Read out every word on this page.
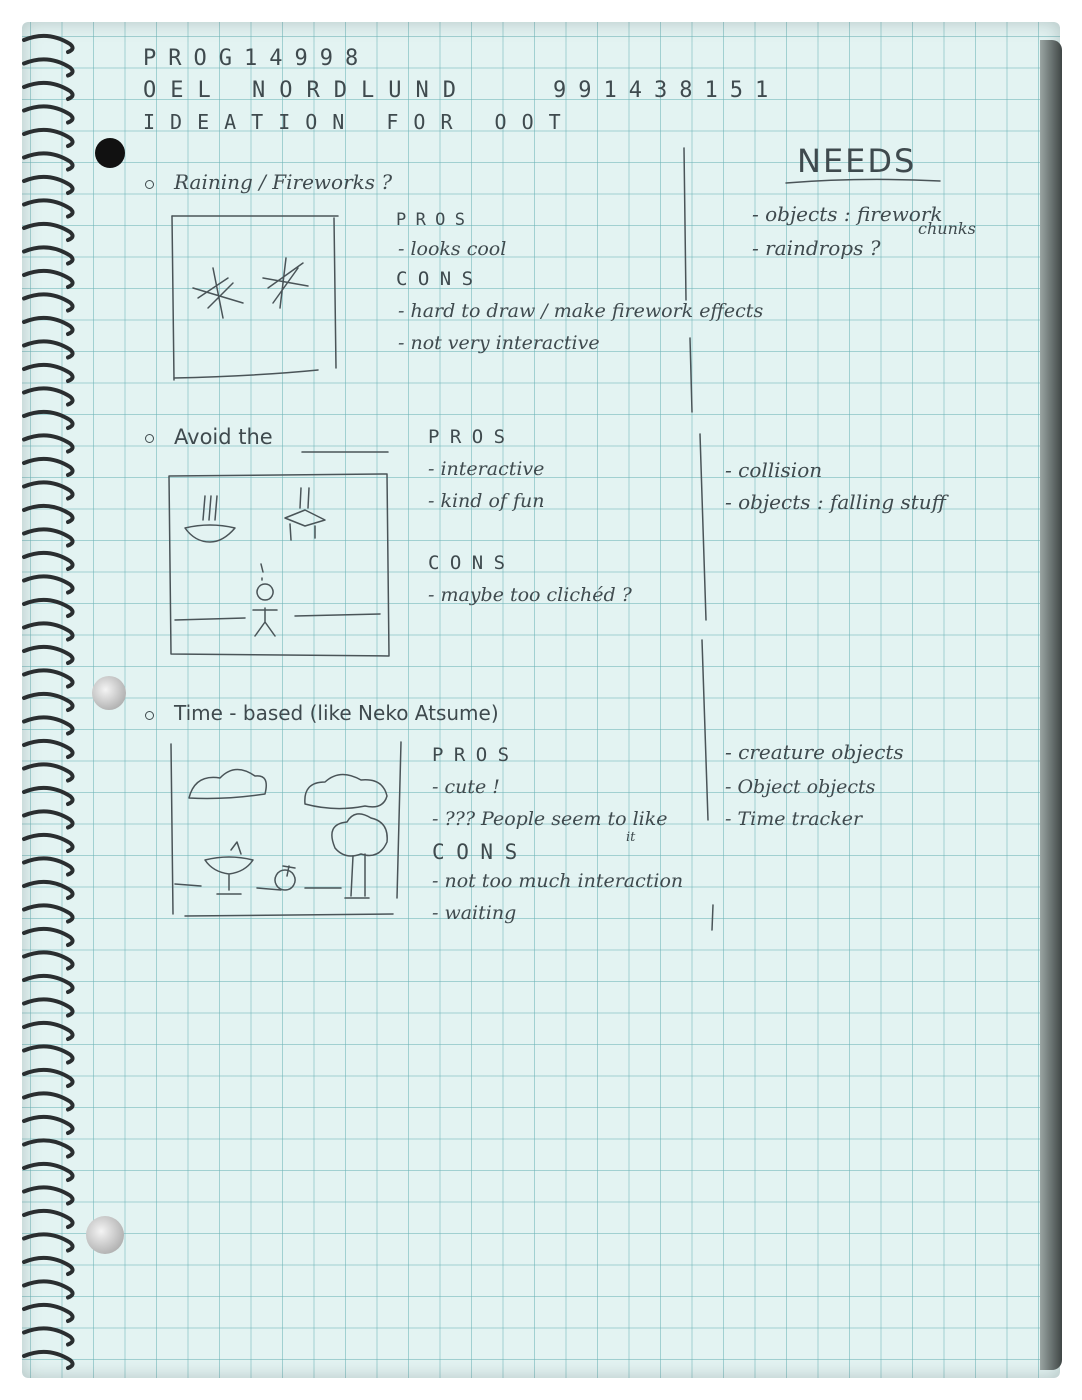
PROG14998
OEL NORDLUND	991438151
IDEATION FOR OOT
NEEDS
Raining / Fireworks ?
PROS
- looks cool
CONS
- hard to draw / make firework effects
- not very interactive
- objects : firework
chunks
- raindrops ?
Avoid the	PROS
- interactive
- kind of fun
CONS
- maybe too clichéd ?
- collision
- objects : falling stuff
Time - based (like Neko Atsume)
PROS
- cute !
- ??? People seem to like
it
CONS
- not too much interaction
- waiting
- creature objects
- Object objects
- Time tracker
